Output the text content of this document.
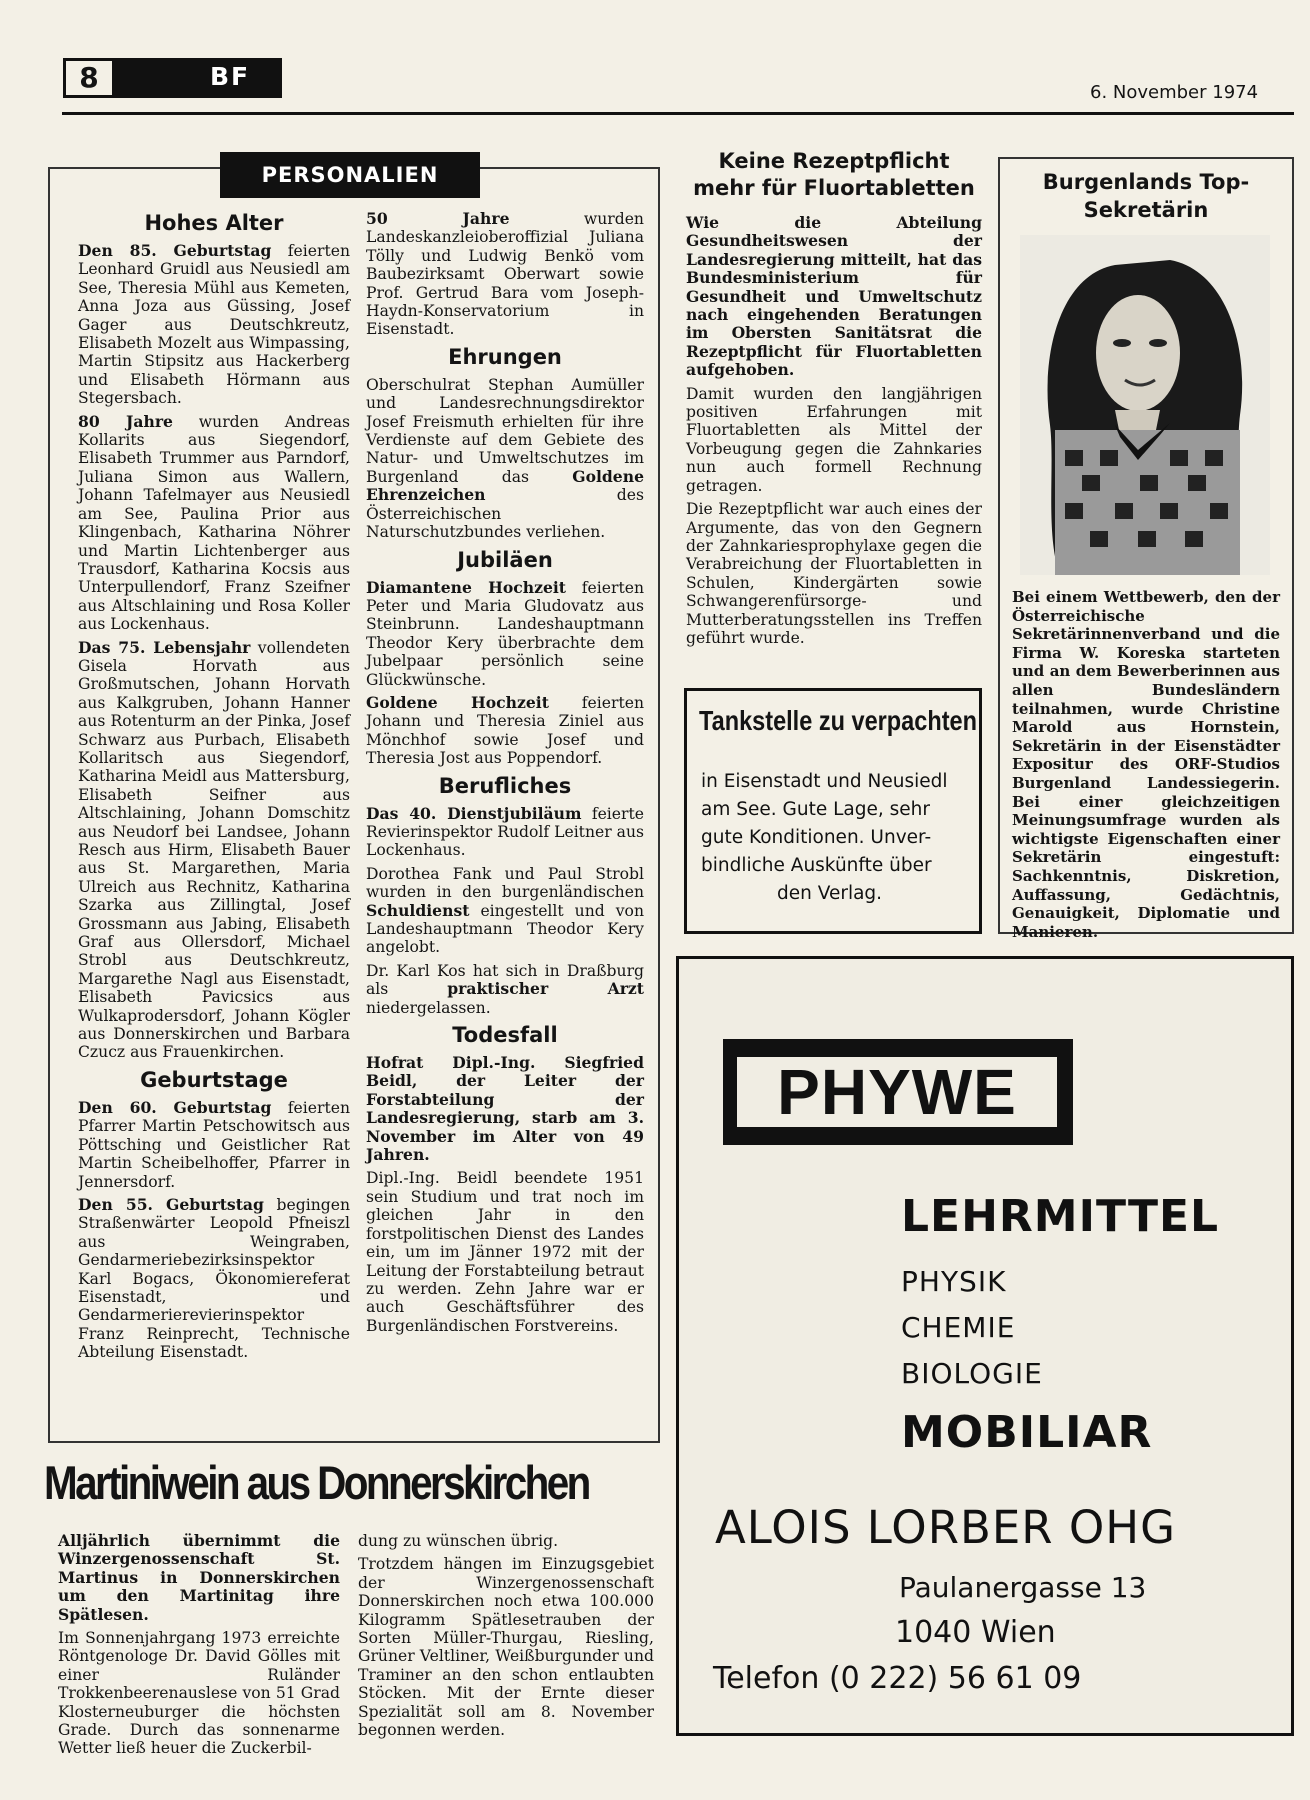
8	BF
6. November 1974
PERSONALIEN
Hohes Alter

Den 85. Geburtstag feierten Leonhard Gruidl aus Neusiedl am See, Theresia Mühl aus Kemeten, Anna Joza aus Güssing, Josef Gager aus Deutschkreutz, Elisabeth Mozelt aus Wimpassing, Martin Stipsitz aus Hackerberg und Elisabeth Hörmann aus Stegersbach.

80 Jahre wurden Andreas Kollarits aus Siegendorf, Elisabeth Trummer aus Parndorf, Juliana Simon aus Wallern, Johann Tafelmayer aus Neusiedl am See, Paulina Prior aus Klingenbach, Katharina Nöhrer und Martin Lichtenberger aus Trausdorf, Katharina Kocsis aus Unterpullendorf, Franz Szeifner aus Altschlaining und Rosa Koller aus Lockenhaus.

Das 75. Lebensjahr vollendeten Gisela Horvath aus Großmutschen, Johann Horvath aus Kalkgruben, Johann Hanner aus Rotenturm an der Pinka, Josef Schwarz aus Purbach, Elisabeth Kollaritsch aus Siegendorf, Katharina Meidl aus Mattersburg, Elisabeth Seifner aus Altschlaining, Johann Domschitz aus Neudorf bei Landsee, Johann Resch aus Hirm, Elisabeth Bauer aus St. Margarethen, Maria Ulreich aus Rechnitz, Katharina Szarka aus Zillingtal, Josef Grossmann aus Jabing, Elisabeth Graf aus Ollersdorf, Michael Strobl aus Deutschkreutz, Margarethe Nagl aus Eisenstadt, Elisabeth Pavicsics aus Wulkaprodersdorf, Johann Kögler aus Donnerskirchen und Barbara Czucz aus Frauenkirchen.

Geburtstage

Den 60. Geburtstag feierten Pfarrer Martin Petschowitsch aus Pöttsching und Geistlicher Rat Martin Scheibelhoffer, Pfarrer in Jennersdorf.

Den 55. Geburtstag begingen Straßenwärter Leopold Pfneiszl aus Weingraben, Gendarmeriebezirksinspektor Karl Bogacs, Ökonomiereferat Eisenstadt, und Gendarmerierevierinspektor Franz Reinprecht, Technische Abteilung Eisenstadt.

50 Jahre	wurden Landeskanzleioberoffizial Juliana Tölly und Ludwig Benkö vom Baubezirksamt Oberwart sowie Prof. Gertrud Bara vom Joseph-Haydn-Konservatorium in Eisenstadt.

Ehrungen

Oberschulrat Stephan Aumüller und Landesrechnungsdirektor Josef Freismuth erhielten für ihre Verdienste auf dem Gebiete des Natur- und Umweltschutzes im Burgenland das	Goldene Ehrenzeichen	des Österreichischen Naturschutzbundes verliehen.

Jubiläen

Diamantene Hochzeit feierten Peter und Maria Gludovatz aus Steinbrunn. Landeshauptmann Theodor Kery überbrachte dem Jubelpaar persönlich seine Glückwünsche.

Goldene Hochzeit feierten Johann und Theresia Ziniel aus Mönchhof sowie Josef und Theresia Jost aus Poppendorf.

Berufliches

Das 40. Dienstjubiläum feierte Revierinspektor Rudolf Leitner aus Lockenhaus.

Dorothea Fank und Paul Strobl wurden in den burgenländischen Schuldienst eingestellt und von Landeshauptmann Theodor Kery angelobt.

Dr. Karl Kos hat sich in Draßburg als	praktischer Arzt niedergelassen.

Todesfall

Hofrat Dipl.-Ing. Siegfried Beidl, der Leiter der Forstabteilung der Landesregierung, starb am 3. November im Alter von 49 Jahren.

Dipl.-Ing. Beidl beendete 1951 sein Studium und trat noch im gleichen Jahr in den forstpolitischen Dienst des Landes ein, um im Jänner 1972 mit der Leitung der Forstabteilung betraut zu werden. Zehn Jahre war er auch Geschäftsführer des Burgenländischen Forstvereins.

Martiniwein aus Donnerskirchen

Alljährlich übernimmt die Winzergenossenschaft St. Martinus in Donnerskirchen um den Martinitag ihre Spätlesen.

Im Sonnenjahrgang 1973 erreichte Röntgenologe Dr. David Gölles mit einer Ruländer Trokkenbeerenauslese von 51 Grad Klosterneuburger die höchsten Grade. Durch das sonnenarme Wetter ließ heuer die Zuckerbil-

dung zu wünschen übrig.

Trotzdem hängen im Einzugsgebiet der Winzergenossenschaft Donnerskirchen noch etwa 100.000 Kilogramm Spätlesetrauben der Sorten Müller-Thurgau, Riesling, Grüner Veltliner, Weißburgunder und Traminer an den schon entlaubten Stöcken. Mit der Ernte dieser Spezialität soll am 8. November begonnen werden.

Keine Rezeptpflicht
mehr für Fluortabletten

Wie die Abteilung Gesundheitswesen der Landesregierung mitteilt, hat das Bundesministerium für Gesundheit und Umweltschutz nach eingehenden Beratungen im Obersten Sanitätsrat die Rezeptpflicht für Fluortabletten aufgehoben.

Damit wurden den langjährigen positiven Erfahrungen mit Fluortabletten als Mittel der Vorbeugung gegen die Zahnkaries nun auch formell Rechnung getragen.

Die Rezeptpflicht war auch eines der Argumente, das von den Gegnern der Zahnkariesprophylaxe gegen die Verabreichung der Fluortabletten in Schulen, Kindergärten sowie Schwangerenfürsorge- und Mutterberatungsstellen ins Treffen geführt wurde.

Burgenlands Top-
Sekretärin

Bei einem Wettbewerb, den der Österreichische Sekretärinnenverband und die Firma W. Koreska starteten und an dem Bewerberinnen aus allen Bundesländern teilnahmen, wurde Christine Marold aus Hornstein, Sekretärin in der Eisenstädter Expositur des ORF-Studios Burgenland Landessiegerin. Bei einer gleichzeitigen Meinungsumfrage wurden als wichtigste Eigenschaften einer Sekretärin eingestuft: Sachkenntnis, Diskretion, Auffassung, Gedächtnis, Genauigkeit, Diplomatie und Manieren.

Tankstelle zu verpachten
in Eisenstadt und Neusiedl
am See. Gute Lage, sehr
gute Konditionen. Unver-
bindliche Auskünfte über
den Verlag.
PHYWE
LEHRMITTEL
PHYSIK
CHEMIE
BIOLOGIE
MOBILIAR
ALOIS LORBER OHG
Paulanergasse 13
1040 Wien
Telefon (0 222) 56 61 09
